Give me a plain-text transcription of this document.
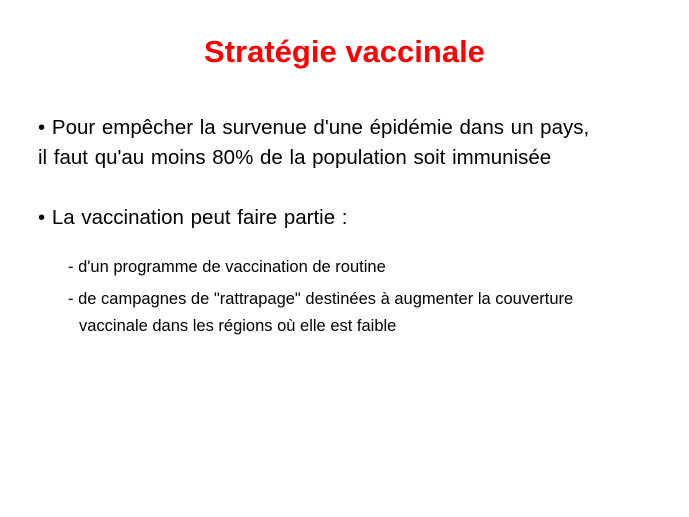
Stratégie vaccinale

• Pour empêcher la survenue d'une épidémie dans un pays,
il faut qu'au moins 80% de la population soit immunisée

• La vaccination peut faire partie :

- d'un programme de vaccination de routine

- de campagnes de "rattrapage" destinées à augmenter la couverture
vaccinale dans les régions où elle est faible
